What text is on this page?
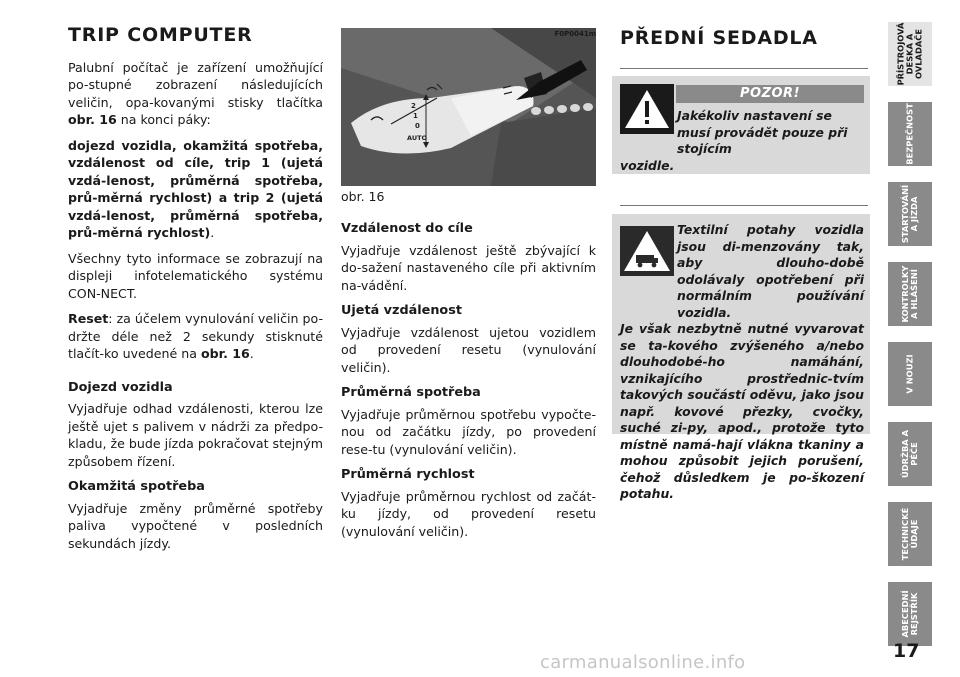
TRIP COMPUTER

Palubní počítač je zařízení umožňující po-stupné zobrazení následujících veličin, opa-kovanými stisky tlačítka obr. 16 na konci páky:

dojezd vozidla, okamžitá spotřeba, vzdálenost od cíle, trip 1 (ujetá vzdá-lenost, průměrná spotřeba, prů-měrná rychlost) a trip 2 (ujetá vzdá-lenost, průměrná spotřeba, prů-měrná rychlost).

Všechny tyto informace se zobrazují na displeji infotelematického systému CON-NECT.

Reset: za účelem vynulování veličin po-držte déle než 2 sekundy stisknuté tlačít-ko uvedené na obr. 16.

Dojezd vozidla

Vyjadřuje odhad vzdálenosti, kterou lze ještě ujet s palivem v nádrži za předpo-kladu, že bude jízda pokračovat stejným způsobem řízení.

Okamžitá spotřeba

Vyjadřuje změny průměrné spotřeby paliva vypočtené v posledních sekundách jízdy.

2
1
0
AUTO
F0P0041m
obr. 16
Vzdálenost do cíle

Vyjadřuje vzdálenost ještě zbývající k do-sažení nastaveného cíle při aktivním na-vádění.

Ujetá vzdálenost

Vyjadřuje vzdálenost ujetou vozidlem od provedení resetu (vynulování veličin).

Průměrná spotřeba

Vyjadřuje průměrnou spotřebu vypočte-nou od začátku jízdy, po provedení rese-tu (vynulování veličin).

Průměrná rychlost

Vyjadřuje průměrnou rychlost od začát-ku jízdy, od provedení resetu (vynulování veličin).

PŘEDNÍ SEDADLA
POZOR!
Jakékoliv nastavení se musí provádět pouze při stojícím
vozidle.
Textilní potahy vozidla jsou di-menzovány tak, aby dlouho-době odolávaly opotřebení při normálním používání vozidla.
Je však nezbytně nutné vyvarovat se ta-kového zvýšeného a/nebo dlouhodobé-ho namáhání, vznikajícího prostřednic-tvím takových součástí oděvu, jako jsou např. kovové přezky, cvočky, suché zi-py, apod., protože tyto místně namá-hají vlákna tkaniny a mohou způsobit jejich porušení, čehož důsledkem je po-škození potahu.
PŘÍSTROJOVÁ
DESKA A
OVLADAČE
BEZPEČNOST
STARTOVÁNÍ
A JÍZDA
KONTROLKY
A HLÁŠENÍ
V NOUZI
ÚDRŽBA A
PÉČE
TECHNICKÉ
ÚDAJE
ABECEDNÍ
REJSTŘÍK
17
carmanualsonline.info
